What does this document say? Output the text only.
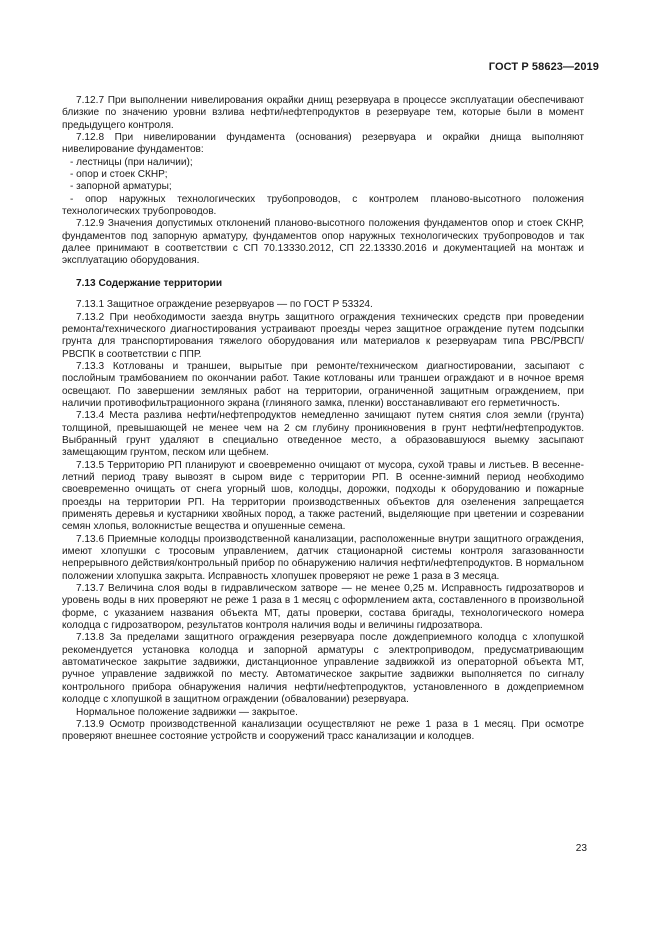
ГОСТ Р 58623—2019

7.12.7 При выполнении нивелирования окрайки днищ резервуара в процессе эксплуатации обеспечивают близкие по значению уровни взлива нефти/нефтепродуктов в резервуаре тем, которые были в момент предыдущего контроля.

7.12.8 При нивелировании фундамента (основания) резервуара и окрайки днища выполняют нивелирование фундаментов:

- лестницы (при наличии);

- опор и стоек СКНР;

- запорной арматуры;

- опор наружных технологических трубопроводов, с контролем планово-высотного положения технологических трубопроводов.

7.12.9 Значения допустимых отклонений планово-высотного положения фундаментов опор и стоек СКНР, фундаментов под запорную арматуру, фундаментов опор наружных технологических трубопроводов и так далее принимают в соответствии с СП 70.13330.2012, СП 22.13330.2016 и документацией на монтаж и эксплуатацию оборудования.

7.13 Содержание территории

7.13.1 Защитное ограждение резервуаров — по ГОСТ Р 53324.

7.13.2 При необходимости заезда внутрь защитного ограждения технических средств при проведении ремонта/технического диагностирования устраивают проезды через защитное ограждение путем подсыпки грунта для транспортирования тяжелого оборудования или материалов к резервуарам типа РВС/РВСП/РВСПК в соответствии с ППР.

7.13.3 Котлованы и траншеи, вырытые при ремонте/техническом диагностировании, засыпают с послойным трамбованием по окончании работ. Такие котлованы или траншеи ограждают и в ночное время освещают. По завершении земляных работ на территории, ограниченной защитным ограждением, при наличии противофильтрационного экрана (глиняного замка, пленки) восстанавливают его герметичность.

7.13.4 Места разлива нефти/нефтепродуктов немедленно зачищают путем снятия слоя земли (грунта) толщиной, превышающей не менее чем на 2 см глубину проникновения в грунт нефти/нефтепродуктов. Выбранный грунт удаляют в специально отведенное место, а образовавшуюся выемку засыпают замещающим грунтом, песком или щебнем.

7.13.5 Территорию РП планируют и своевременно очищают от мусора, сухой травы и листьев. В весенне-летний период траву вывозят в сыром виде с территории РП. В осенне-зимний период необходимо своевременно очищать от снега угорный шов, колодцы, дорожки, подходы к оборудованию и пожарные проезды на территории РП. На территории производственных объектов для озеленения запрещается применять деревья и кустарники хвойных пород, а также растений, выделяющие при цветении и созревании семян хлопья, волокнистые вещества и опушенные семена.

7.13.6 Приемные колодцы производственной канализации, расположенные внутри защитного ограждения, имеют хлопушки с тросовым управлением, датчик стационарной системы контроля загазованности непрерывного действия/контрольный прибор по обнаружению наличия нефти/нефтепродуктов. В нормальном положении хлопушка закрыта. Исправность хлопушек проверяют не реже 1 раза в 3 месяца.

7.13.7 Величина слоя воды в гидравлическом затворе — не менее 0,25 м. Исправность гидрозатворов и уровень воды в них проверяют не реже 1 раза в 1 месяц с оформлением акта, составленного в произвольной форме, с указанием названия объекта МТ, даты проверки, состава бригады, технологического номера колодца с гидрозатвором, результатов контроля наличия воды и величины гидрозатвора.

7.13.8 За пределами защитного ограждения резервуара после дождеприемного колодца с хлопушкой рекомендуется установка колодца и запорной арматуры с электроприводом, предусматривающим автоматическое закрытие задвижки, дистанционное управление задвижкой из операторной объекта МТ, ручное управление задвижкой по месту. Автоматическое закрытие задвижки выполняется по сигналу контрольного прибора обнаружения наличия нефти/нефтепродуктов, установленного в дождеприемном колодце с хлопушкой в защитном ограждении (обваловании) резервуара.

Нормальное положение задвижки — закрытое.

7.13.9 Осмотр производственной канализации осуществляют не реже 1 раза в 1 месяц. При осмотре проверяют внешнее состояние устройств и сооружений трасс канализации и колодцев.

23
